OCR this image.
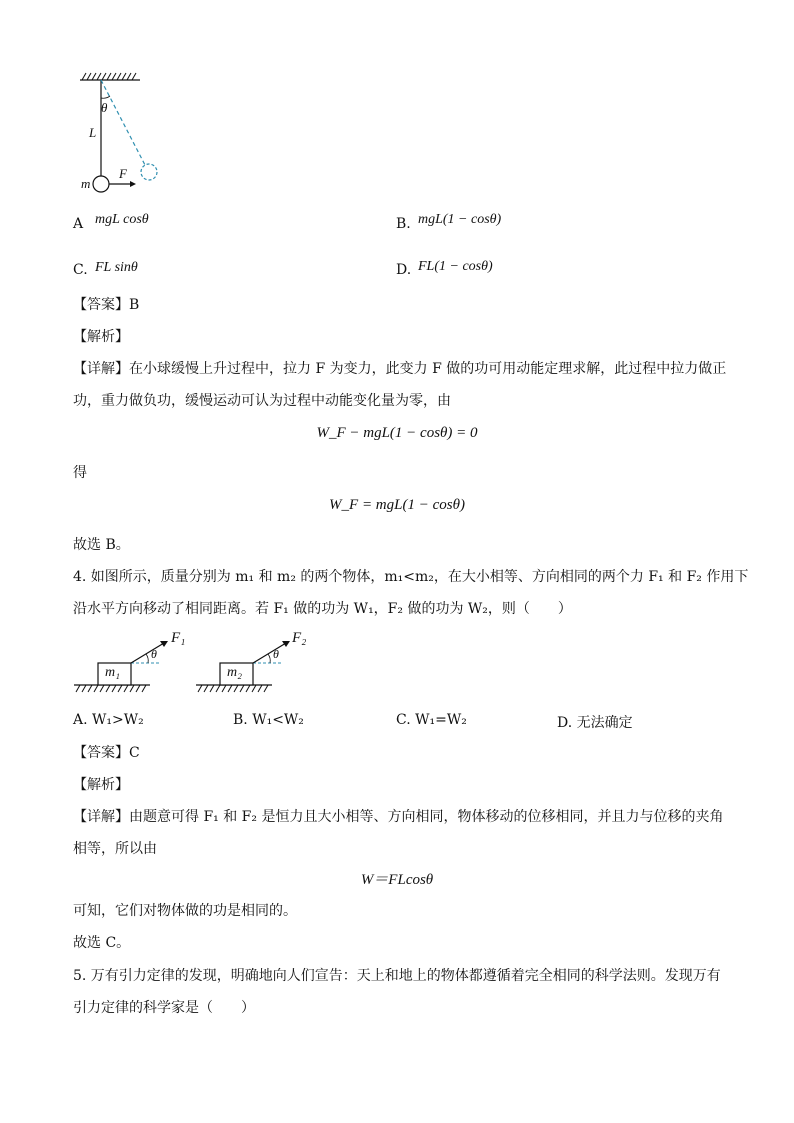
θ
L
m
F
A mgL cosθ	B. mgL(1 − cosθ)
C. FL sinθ	D. FL(1 − cosθ)
【答案】B
【解析】
【详解】在小球缓慢上升过程中，拉力 F 为变力，此变力 F 做的功可用动能定理求解，此过程中拉力做正
功，重力做负功，缓慢运动可认为过程中动能变化量为零，由
W_F − mgL(1 − cosθ) = 0
得
W_F = mgL(1 − cosθ)
故选 B。
4. 如图所示，质量分别为 m₁ 和 m₂ 的两个物体，m₁<m₂，在大小相等、方向相同的两个力 F₁ 和 F₂ 作用下
沿水平方向移动了相同距离。若 F₁ 做的功为 W₁，F₂ 做的功为 W₂，则（　　）
m₁	m₂
F₁	F₂
θ	θ
A. W₁>W₂	B. W₁<W₂	C. W₁=W₂	D. 无法确定
【答案】C
【解析】
【详解】由题意可得 F₁ 和 F₂ 是恒力且大小相等、方向相同，物体移动的位移相同，并且力与位移的夹角
相等，所以由
W＝FLcosθ
可知，它们对物体做的功是相同的。
故选 C。
5. 万有引力定律的发现，明确地向人们宣告：天上和地上的物体都遵循着完全相同的科学法则。发现万有
引力定律的科学家是（　　）
